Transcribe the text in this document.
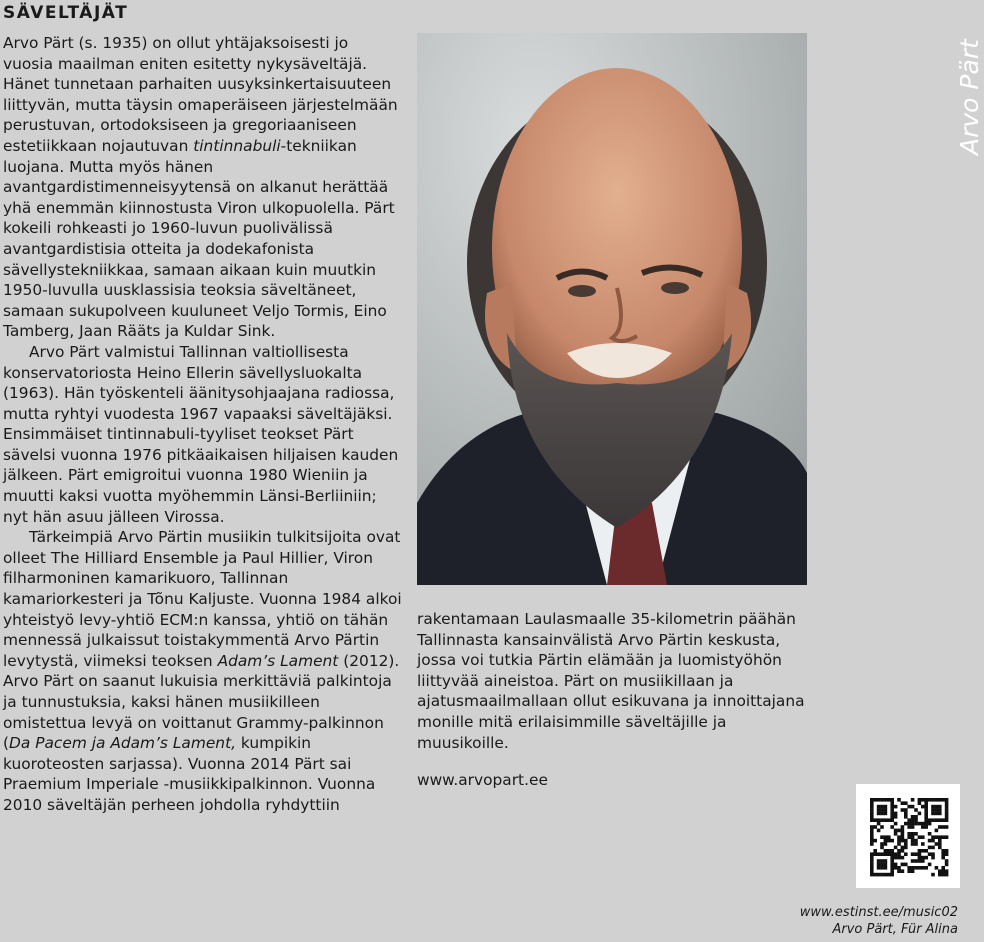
SÄVELTÄJÄT

Arvo Pärt (s. 1935) on ollut yhtäjaksoisesti jo vuosia maailman eniten esitetty nykysäveltäjä. Hänet tunnetaan parhaiten uusyksinkertaisuuteen liittyvän, mutta täysin omaperäiseen järjestelmään perustuvan, ortodoksiseen ja gregoriaaniseen estetiikkaan nojautuvan tintinnabuli-tekniikan luojana. Mutta myös hänen avantgardistimenneisyytensä on alkanut herättää yhä enemmän kiinnostusta Viron ulkopuolella. Pärt kokeili rohkeasti jo 1960-luvun puolivälissä avantgardistisia otteita ja dodekafonista sävellystekniikkaa, samaan aikaan kuin muutkin 1950-luvulla uusklassisia teoksia säveltäneet, samaan sukupolveen kuuluneet Veljo Tormis, Eino Tamberg, Jaan Rääts ja Kuldar Sink.

Arvo Pärt valmistui Tallinnan valtiollisesta konservatoriosta Heino Ellerin sävellysluokalta (1963). Hän työskenteli äänitysohjaajana radiossa, mutta ryhtyi vuodesta 1967 vapaaksi säveltäjäksi. Ensimmäiset tintinnabuli-tyyliset teokset Pärt sävelsi vuonna 1976 pitkäaikaisen hiljaisen kauden jälkeen. Pärt emigroitui vuonna 1980 Wieniin ja muutti kaksi vuotta myöhemmin Länsi-Berliiniin; nyt hän asuu jälleen Virossa.

Tärkeimpiä Arvo Pärtin musiikin tulkitsijoita ovat olleet The Hilliard Ensemble ja Paul Hillier, Viron filharmoninen kamarikuoro, Tallinnan kamariorkesteri ja Tõnu Kaljuste. Vuonna 1984 alkoi yhteistyö levy-yhtiö ECM:n kanssa, yhtiö on tähän mennessä julkaissut toistakymmentä Arvo Pärtin levytystä, viimeksi teoksen Adam’s Lament (2012). Arvo Pärt on saanut lukuisia merkittäviä palkintoja ja tunnustuksia, kaksi hänen musiikilleen omistettua levyä on voittanut Grammy-palkinnon (Da Pacem ja Adam’s Lament, kumpikin kuoroteosten sarjassa). Vuonna 2014 Pärt sai Praemium Imperiale -musiikkipalkinnon. Vuonna 2010 säveltäjän perheen johdolla ryhdyttiin

Arvo Pärt

rakentamaan Laulasmaalle 35-kilometrin päähän Tallinnasta kansainvälistä Arvo Pärtin keskusta, jossa voi tutkia Pärtin elämään ja luomistyöhön liittyvää aineistoa. Pärt on musiikillaan ja ajatusmaailmallaan ollut esikuvana ja innoittajana monille mitä erilaisimmille säveltäjille ja muusikoille.

www.arvopart.ee
www.estinst.ee/music02
Arvo Pärt, Für Alina
